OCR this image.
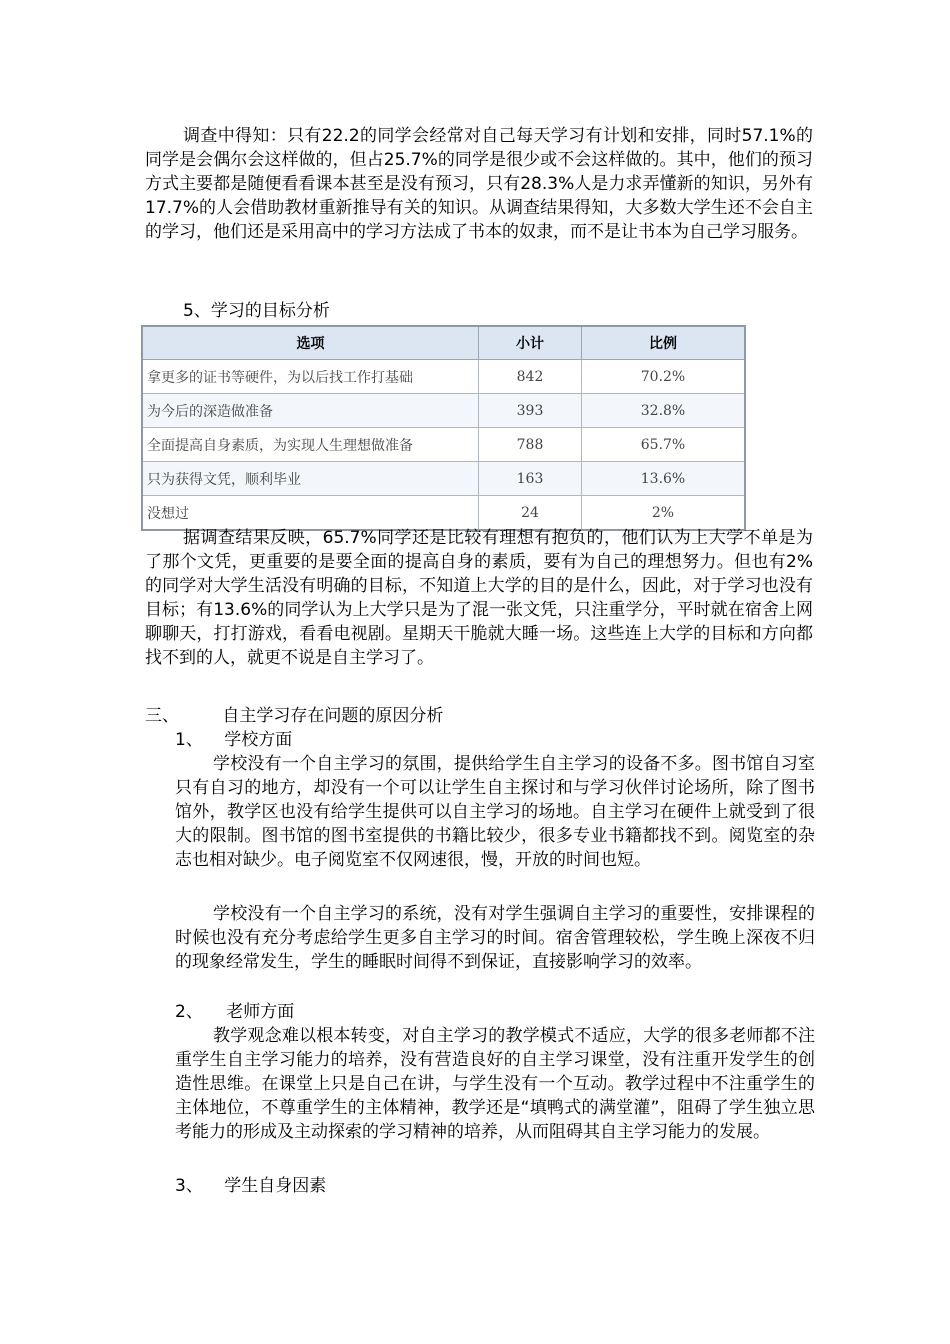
调查中得知：只有22.2的同学会经常对自己每天学习有计划和安排，同时57.1%的同学是会偶尔会这样做的，但占25.7%的同学是很少或不会这样做的。其中，他们的预习方式主要都是随便看看课本甚至是没有预习，只有28.3%人是力求弄懂新的知识，另外有17.7%的人会借助教材重新推导有关的知识。从调查结果得知，大多数大学生还不会自主的学习，他们还是采用高中的学习方法成了书本的奴隶，而不是让书本为自己学习服务。

5、学习的目标分析
选项	小计	比例
拿更多的证书等硬件，为以后找工作打基础	842	70.2%
为今后的深造做准备	393	32.8%
全面提高自身素质，为实现人生理想做准备	788	65.7%
只为获得文凭，顺利毕业	163	13.6%
没想过	24	2%

据调查结果反映，65.7%同学还是比较有理想有抱负的，他们认为上大学不单是为了那个文凭，更重要的是要全面的提高自身的素质，要有为自己的理想努力。但也有2%的同学对大学生活没有明确的目标，不知道上大学的目的是什么，因此，对于学习也没有目标；有13.6%的同学认为上大学只是为了混一张文凭，只注重学分，平时就在宿舍上网聊聊天，打打游戏，看看电视剧。星期天干脆就大睡一场。这些连上大学的目标和方向都找不到的人，就更不说是自主学习了。

三、	自主学习存在问题的原因分析
1、 学校方面

学校没有一个自主学习的氛围，提供给学生自主学习的设备不多。图书馆自习室只有自习的地方，却没有一个可以让学生自主探讨和与学习伙伴讨论场所，除了图书馆外，教学区也没有给学生提供可以自主学习的场地。自主学习在硬件上就受到了很大的限制。图书馆的图书室提供的书籍比较少，很多专业书籍都找不到。阅览室的杂志也相对缺少。电子阅览室不仅网速很，慢，开放的时间也短。

学校没有一个自主学习的系统，没有对学生强调自主学习的重要性，安排课程的时候也没有充分考虑给学生更多自主学习的时间。宿舍管理较松，学生晚上深夜不归的现象经常发生，学生的睡眠时间得不到保证，直接影响学习的效率。

2、 老师方面

教学观念难以根本转变，对自主学习的教学模式不适应，大学的很多老师都不注重学生自主学习能力的培养，没有营造良好的自主学习课堂，没有注重开发学生的创造性思维。在课堂上只是自己在讲，与学生没有一个互动。教学过程中不注重学生的主体地位，不尊重学生的主体精神，教学还是“填鸭式的满堂灌”，阻碍了学生独立思考能力的形成及主动探索的学习精神的培养，从而阻碍其自主学习能力的发展。

3、 学生自身因素
